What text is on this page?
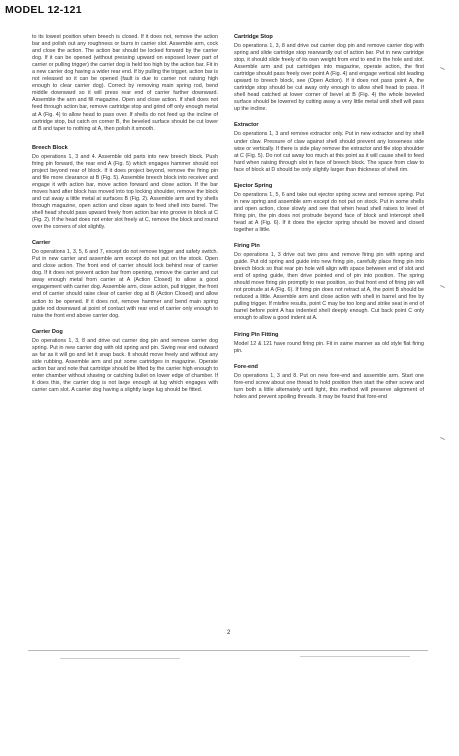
MODEL 12-121

to its lowest position when breech is closed. If it does not, remove the action bar and polish out any roughness or burrs in carrier slot. Assemble arm, cock and close the action. The action bar should be locked forward by the carrier dog. If it can be opened (without pressing upward on exposed lower part of carrier or pulling trigger) the carrier dog is held too high by the action bar. Fit in a new carrier dog having a wider rear end. If by pulling the trigger, action bar is not released so it can be opened (fault is due to carrier not raising high enough to clear carrier dog). Correct by removing main spring rod, bend middle downward so it will press rear end of carrier farther downward. Assemble the arm and fill magazine. Open and close action. If shell does not feed through action bar, remove cartridge stop and grind off only enough metal at A (Fig. 4) to allow head to pass over. If shells do not feed up the incline of cartridge stop, but catch on corner B, the beveled surface should be cut lower at B and taper to nothing at A, then polish it smooth.

Breech Block

Do operations 1, 3 and 4. Assemble old parts into new breech block. Push firing pin forward, the rear end A (Fig. 5) which engages hammer should not project beyond rear of block. If it does project beyond, remove the firing pin and file more clearance at B (Fig. 5). Assemble breech block into receiver and engage it with action bar, move action forward and close action. If the bar moves hard after block has moved into top locking shoulder, remove the block and cut away a little metal at surfaces B (Fig. 2). Assemble arm and try shells through magazine, open action and close again to feed shell into barrel. The shell head should pass upward freely from action bar into groove in block at C (Fig. 2). If the head does not enter slot freely at C, remove the block and round over the corners of slot slightly.

Carrier

Do operations 1, 3, 5, 6 and 7, except do not remove trigger and safety switch. Put in new carrier and assemble arm except do not put on the stock. Open and close action. The front end of carrier should lock behind rear of carrier dog. If it does not prevent action bar from opening, remove the carrier and cut away enough metal from carrier at A (Action Closed) to allow a good engagement with carrier dog. Assemble arm, close action, pull trigger, the front end of carrier should raise clear of carrier dog at B (Action Closed) and allow action to be opened. If it does not, remove hammer and bend main spring guide rod downward at point of contact with rear end of carrier only enough to raise the front end above carrier dog.

Carrier Dog

Do operations 1, 3, 8 and drive out carrier dog pin and remove carrier dog spring. Put in new carrier dog with old spring and pin. Swing rear end outward as far as it will go and let it snap back. It should move freely and without any side rubbing. Assemble arm and put some cartridges in magazine. Operate action bar and note that cartridge should be lifted by the carrier high enough to enter chamber without shaving or catching bullet on lower edge of chamber. If it does this, the carrier dog is not large enough at lug which engages with carrier cam slot. A carrier dog having a slightly large lug should be fitted.

Cartridge Stop

Do operations 1, 3, 8 and drive out carrier dog pin and remove carrier dog with spring and slide cartridge stop rearwardly out of action bar. Put in new cartridge stop, it should slide freely of its own weight from end to end in the hole and slot. Assemble arm and put cartridges into magazine, operate action, the first cartridge should pass freely over point A (Fig. 4) and engage vertical slot leading upward to breech block, see (Open Action). If it does not pass point A, the cartridge stop should be cut away only enough to allow shell head to pass. If shell head catched at lower corner of bevel at B (Fig. 4) the whole beveled surface should be lowered by cutting away a very little metal until shell will pass up the incline.

Extractor

Do operations 1, 3 and remove extractor only. Put in new extractor and try shell under claw. Pressure of claw against shell should prevent any looseness side wise or vertically. If there is side play remove the extractor and file stop shoulder at C (Fig. 5). Do not cut away too much at this point as it will cause shell to feed hard when raising through slot in face of breech block. The space from claw to face of block at D should be only slightly larger than thickness of shell rim.

Ejector Spring

Do operations 1, 5, 6 and take out ejector spring screw and remove spring. Put in new spring and assemble arm except do not put on stock. Put in some shells and open action, close slowly and see that when head shell raises to level of firing pin, the pin does not protrude beyond face of block and intercept shell head at A (Fig. 6). If it does the ejector spring should be moved and closed together a little.

Firing Pin

Do operations 1, 3 drive out two pins and remove firing pin with spring and guide. Put old spring and guide into new firing pin, carefully place firing pin into breech block so that rear pin hole will align with space between end of slot and end of spring guide, then drive pointed end of pin into position. The spring should move firing pin promptly to rear position, so that front end of firing pin will not protrude at A (Fig. 6). If firing pin does not retract at A, the point B should be reduced a little. Assemble arm and close action with shell in barrel and fire by pulling trigger. If misfire results, point C may be too long and strike seat in end of barrel before point A has indented shell deeply enough. Cut back point C only enough to allow a good indent at A.

Firing Pin Fitting

Model 12 & 121 have round firing pin. Fit in same manner as old style flat firing pin.

Fore-end

Do operations 1, 3 and 8. Put on new fore-end and assemble arm. Start one fore-end screw about one thread to hold position then start the other screw and turn both a little alternately until tight, this method will preserve alignment of holes and prevent spoiling threads. It may be found that fore-end

2
